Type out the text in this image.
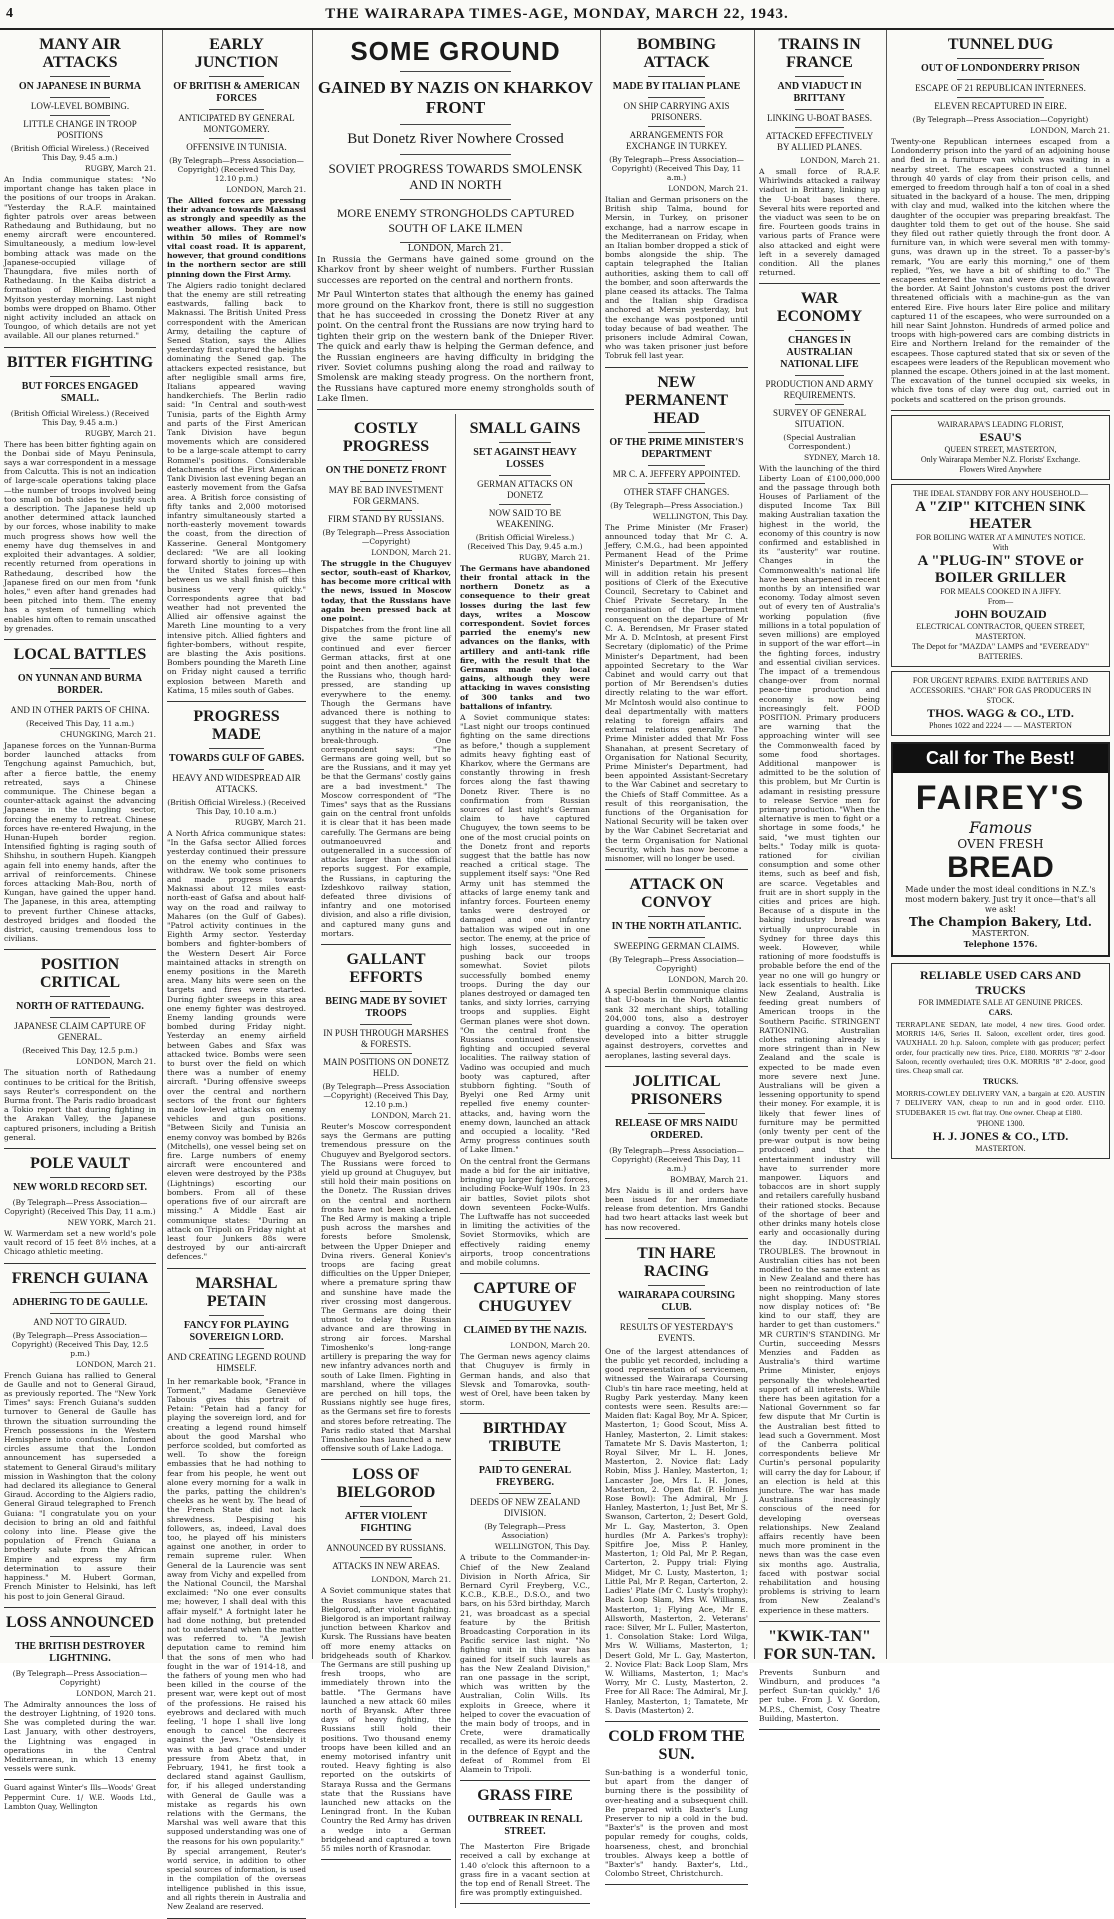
4	THE WAIRARAPA TIMES-AGE, MONDAY, MARCH 22, 1943.
MANY AIR ATTACKS
ON JAPANESE IN BURMA
LOW-LEVEL BOMBING.
LITTLE CHANGE IN TROOP POSITIONS
(British Official Wireless.) (Received This Day, 9.45 a.m.)
RUGBY, March 21.
An India communique states: "No important change has taken place in the positions of our troops in Arakan. "Yesterday the R.A.F. maintained fighter patrols over areas between Rathedaung and Buthidaung, but no enemy aircraft were encountered. Simultaneously, a medium low-level bombing attack was made on the Japanese-occupied village of Thaungdara, five miles north of Rathedaung. In the Kaiba district a formation of Blenheims bombed Myitson yesterday morning. Last night bombs were dropped on Bhamo. Other night activity included an attack on Toungoo, of which details are not yet available. All our planes returned."
BITTER FIGHTING
BUT FORCES ENGAGED SMALL.
(British Official Wireless.) (Received This Day, 9.45 a.m.)
RUGBY, March 21.
There has been bitter fighting again on the Donbai side of Mayu Peninsula, says a war correspondent in a message from Calcutta. This is not an indication of large-scale operations taking place—the number of troops involved being too small on both sides to justify such a description. The Japanese held up another determined attack launched by our forces, whose inability to make much progress shows how well the enemy have dug themselves in and exploited their advantages. A soldier, recently returned from operations in Rathedaung, described how the Japanese fired on our men from "funk holes," even after hand grenades had been pitched into them. The enemy has a system of tunnelling which enables him often to remain unscathed by grenades.
LOCAL BATTLES
ON YUNNAN AND BURMA BORDER.
AND IN OTHER PARTS OF CHINA.
(Received This Day, 11 a.m.)
CHUNGKING, March 21.
Japanese forces on the Yunnan-Burma border launched attacks from Tengchung against Pamuchich, but, after a fierce battle, the enemy retreated, says a Chinese communique. The Chinese began a counter-attack against the advancing Japanese in the Lungling sector, forcing the enemy to retreat. Chinese forces have re-entered Hwajung, in the Hunan-Hupeh border region. Intensified fighting is raging south of Shihshu, in southern Hupeh. Kiangpeh again fell into enemy hands, after the arrival of reinforcements. Chinese forces attacking Mah-Bou, north of Kungan, have gained the upper hand. The Japanese, in this area, attempting to prevent further Chinese attacks, destroyed bridges and flooded the district, causing tremendous loss to civilians.
POSITION CRITICAL
NORTH OF RATTEDAUNG.
JAPANESE CLAIM CAPTURE OF GENERAL.
(Received This Day, 12.5 p.m.)
LONDON, March 21.
The situation north of Rathedaung continues to be critical for the British, says Reuter's correspondent on the Burma front. The Paris radio broadcast a Tokio report that during fighting in the Arakan Valley, the Japanese captured prisoners, including a British general.
POLE VAULT
NEW WORLD RECORD SET.
(By Telegraph—Press Association—Copyright) (Received This Day, 11 a.m.)
NEW YORK, March 21.
W. Warmerdam set a new world's pole vault record of 15 feet 8½ inches, at a Chicago athletic meeting.
FRENCH GUIANA
ADHERING TO DE GAULLE.
AND NOT TO GIRAUD.
(By Telegraph—Press Association—Copyright) (Received This Day, 12.5 p.m.)
LONDON, March 21.
French Guiana has rallied to General de Gaulle and not to General Giraud, as previously reported. The "New York Times" says: French Guiana's sudden turnover to General de Gaulle has thrown the situation surrounding the French possessions in the Western Hemisphere into confusion. Informed circles assume that the London announcement has superseded a statement to General Giraud's military mission in Washington that the colony had declared its allegiance to General Giraud. According to the Algiers radio, General Giraud telegraphed to French Guiana: "I congratulate you on your decision to bring an old and faithful colony into line. Please give the population of French Guiana a brotherly salute from the African Empire and express my firm determination to assure their happiness." M. Hubert Gorman, French Minister to Helsinki, has left his post to join General Giraud.
LOSS ANNOUNCED
THE BRITISH DESTROYER LIGHTNING.
(By Telegraph—Press Association—Copyright)
LONDON, March 21.
The Admiralty announces the loss of the destroyer Lightning, of 1920 tons. She was completed during the war. Last January, with other destroyers, the Lightning was engaged in operations in the Central Mediterranean, in which 13 enemy vessels were sunk.
Guard against Winter's Ills—Woods' Great Peppermint Cure. 1/ W.E. Woods Ltd., Lambton Quay, Wellington
EARLY JUNCTION
OF BRITISH & AMERICAN FORCES
ANTICIPATED BY GENERAL MONTGOMERY.
OFFENSIVE IN TUNISIA.
(By Telegraph—Press Association—Copyright) (Received This Day, 12.10 p.m.)
LONDON, March 21.
The Allied forces are pressing their advance towards Maknassi as strongly and speedily as the weather allows. They are now within 50 miles of Rommel's vital coast road. It is apparent, however, that ground conditions in the northern sector are still pinning down the First Army.
The Algiers radio tonight declared that the enemy are still retreating eastwards, falling back to Maknassi. The British United Press correspondent with the American Army, detailing the capture of Sened Station, says the Allies yesterday first captured the heights dominating the Sened gap. The attackers expected resistance, but after negligible small arms fire, Italians appeared waving handkerchiefs. The Berlin radio said: "In Central and south-west Tunisia, parts of the Eighth Army and parts of the First American Tank Division have begun movements which are considered to be a large-scale attempt to carry Rommel's positions. Considerable detachments of the First American Tank Division last evening began an easterly movement from the Gafsa area. A British force consisting of fifty tanks and 2,000 motorised infantry simultaneously started a north-easterly movement towards the coast, from the direction of Kasserine. General Montgomery declared: "We are all looking forward shortly to joining up with the United States forces—then between us we shall finish off this business very quickly." Correspondents agree that bad weather had not prevented the Allied air offensive against the Mareth Line mounting to a very intensive pitch. Allied fighters and fighter-bombers, without respite, are blasting the Axis positions. Bombers pounding the Mareth Line on Friday night caused a terrific explosion between Mareth and Katima, 15 miles south of Gabes.
PROGRESS MADE
TOWARDS GULF OF GABES.
HEAVY AND WIDESPREAD AIR ATTACKS.
(British Official Wireless.) (Received This Day, 10.10 a.m.)
RUGBY, March 21.
A North Africa communique states: "In the Gafsa sector Allied forces yesterday continued their pressure on the enemy who continues to withdraw. We took some prisoners and made progress towards Maknassi about 12 miles east-north-east of Gafsa and about half-way on the road and railway to Mahares (on the Gulf of Gabes). "Patrol activity continues in the Eighth Army sector. Yesterday bombers and fighter-bombers of the Western Desert Air Force maintained attacks in strength on enemy positions in the Mareth area. Many hits were seen on the targets and fires were started. During fighter sweeps in this area one enemy fighter was destroyed. Enemy landing grounds were bombed during Friday night. Yesterday an enemy airfield between Gabes and Sfax was attacked twice. Bombs were seen to burst over the field on which there was a number of enemy aircraft. "During offensive sweeps over the central and northern sectors of the front our fighters made low-level attacks on enemy vehicles and gun positions. "Between Sicily and Tunisia an enemy convoy was bombed by B26s (Mitchells), one vessel being set on fire. Large numbers of enemy aircraft were encountered and eleven were destroyed by the P38s (Lightnings) escorting our bombers. From all of these operations five of our aircraft are missing." A Middle East air communique states: "During an attack on Tripoli on Friday night at least four Junkers 88s were destroyed by our anti-aircraft defences."
MARSHAL PETAIN
FANCY FOR PLAYING SOVEREIGN LORD.
AND CREATING LEGEND ROUND HIMSELF.
In her remarkable book, "France in Torment," Madame Geneviève Tabouis gives this portrait of Petain: "Petain had a fancy for playing the sovereign lord, and for creating a legend round himself about the good Marshal who perforce scolded, but comforted as well. To show the foreign embassies that he had nothing to fear from his people, he went out alone every morning for a walk in the parks, patting the children's cheeks as he went by. The head of the French State did not lack shrewdness. Despising his followers, as, indeed, Laval does too, he played off his ministers against one another, in order to remain supreme ruler. When General de la Laurencie was sent away from Vichy and expelled from the National Council, the Marshal exclaimed: "No one ever consults me; however, I shall deal with this affair myself." A fortnight later he had done nothing, but pretended not to understand when the matter was referred to. "A Jewish deputation came to remind him that the sons of men who had fought in the war of 1914-18, and the fathers of young men who had been killed in the course of the present war, were kept out of most of the professions. He raised his eyebrows and declared with much feeling, 'I hope I shall live long enough to cancel the decrees against the Jews.' "Ostensibly it was with a bad grace and under pressure from Abetz that, in February, 1941, he first took a declared stand against Gaullism, for, if his alleged understanding with General de Gaulle was a mistake as regards his own relations with the Germans, the Marshal was well aware that this supposed understanding was one of the reasons for his own popularity."
By special arrangement, Reuter's world service, in addition to other special sources of information, is used in the compilation of the overseas intelligence published in this issue, and all rights therein in Australia and New Zealand are reserved.
SOME GROUND
GAINED BY NAZIS ON KHARKOV FRONT
But Donetz River Nowhere Crossed
SOVIET PROGRESS TOWARDS SMOLENSK AND IN NORTH
MORE ENEMY STRONGHOLDS CAPTURED SOUTH OF LAKE ILMEN
LONDON, March 21.
In Russia the Germans have gained some ground on the Kharkov front by sheer weight of numbers. Further Russian successes are reported on the central and northern fronts.
Mr Paul Winterton states that although the enemy has gained more ground on the Kharkov front, there is still no suggestion that he has succeeded in crossing the Donetz River at any point. On the central front the Russians are now trying hard to tighten their grip on the western bank of the Dnieper River. The quick and early thaw is helping the German defence, and the Russian engineers are having difficulty in bridging the river. Soviet columns pushing along the road and railway to Smolensk are making steady progress. On the northern front, the Russians have captured more enemy strongholds south of Lake Ilmen.
COSTLY PROGRESS
ON THE DONETZ FRONT
MAY BE BAD INVESTMENT FOR GERMANS.
FIRM STAND BY RUSSIANS.
(By Telegraph—Press Association—Copyright)
LONDON, March 21.
The struggle in the Chuguyev sector, south-east of Kharkov, has become more critical with the news, issued in Moscow today, that the Russians have again been pressed back at one point.
Dispatches from the front line all give the same picture of continued and ever fiercer German attacks, first at one point and then another, against the Russians who, though hard-pressed, are standing up everywhere to the enemy. Though the Germans have advanced there is nothing to suggest that they have achieved anything in the nature of a major break-through. One correspondent says: "The Germans are going well, but so are the Russians, and it may yet be that the Germans' costly gains are a bad investment." The Moscow correspondent of "The Times" says that as the Russians gain on the central front unfolds it is clear that it has been made carefully. The Germans are being outmanoeuvred and outgeneralled in a succession of attacks larger than the official reports suggest. For example, the Russians, in capturing the Izdeshkovo railway station, defeated three divisions of infantry and one motorised division, and also a rifle division, and captured many guns and mortars.
GALLANT EFFORTS
BEING MADE BY SOVIET TROOPS
IN PUSH THROUGH MARSHES & FORESTS.
MAIN POSITIONS ON DONETZ HELD.
(By Telegraph—Press Association—Copyright) (Received This Day, 12.10 p.m.)
LONDON, March 21.
Reuter's Moscow correspondent says the Germans are putting tremendous pressure on the Chuguyev and Byelgorod sectors. The Russians were forced to yield up ground at Chuguyev, but still hold their main positions on the Donetz. The Russian drives on the central and northern fronts have not been slackened. The Red Army is making a triple push across the marshes and forests before Smolensk, between the Upper Dnieper and Dvina rivers. General Koniev's troops are facing great difficulties on the Upper Dnieper, where a premature spring thaw and sunshine have made the river crossing most dangerous. The Germans are doing their utmost to delay the Russian advance and are throwing in strong air forces. Marshal Timoshenko's long-range artillery is preparing the way for new infantry advances north and south of Lake Ilmen. Fighting in marshland, where the villages are perched on hill tops, the Russians nightly see huge fires, as the Germans set fire to forests and stores before retreating. The Paris radio stated that Marshal Timoshenko has launched a new offensive south of Lake Ladoga.
LOSS OF BIELGOROD
AFTER VIOLENT FIGHTING
ANNOUNCED BY RUSSIANS.
ATTACKS IN NEW AREAS.
LONDON, March 21.
A Soviet communique states that the Russians have evacuated Bielgorod, after violent fighting. Bielgorod is an important railway junction between Kharkov and Kursk. The Russians have beaten off more enemy attacks on bridgeheads south of Kharkov. The Germans are still pushing up fresh troops, who are immediately thrown into the battle. "The Germans have launched a new attack 60 miles north of Bryansk. After three days of heavy fighting, the Russians still hold their positions. Two thousand enemy troops have been killed and an enemy motorised infantry unit routed. Heavy fighting is also reported on the outskirts of Staraya Russa and the Germans state that the Russians have launched new attacks on the Leningrad front. In the Kuban Country the Red Army has driven a wedge into a German bridgehead and captured a town 55 miles north of Krasnodar.
SMALL GAINS
SET AGAINST HEAVY LOSSES
GERMAN ATTACKS ON DONETZ
NOW SAID TO BE WEAKENING.
(British Official Wireless.) (Received This Day, 9.45 a.m.)
RUGBY, March 21.
The Germans have abandoned their frontal attack in the northern Donetz as a consequence to their great losses during the last few days, writes a Moscow correspondent. Soviet forces parried the enemy's new advances on the flanks, with artillery and anti-tank rifle fire, with the result that the Germans made only local gains, although they were attacking in waves consisting of 300 tanks and two battalions of infantry.
A Soviet communique states: "Last night our troops continued fighting on the same directions as before," though a supplement admits heavy fighting east of Kharkov, where the Germans are constantly throwing in fresh forces along the fast thawing Donetz River. There is no confirmation from Russian sources of last night's German claim to have captured Chuguyev, the town seems to be one of the most crucial points on the Donetz front and reports suggest that the battle has now reached a critical stage. The supplement itself says: "One Red Army unit has stemmed the attacks of large enemy tank and infantry forces. Fourteen enemy tanks were destroyed or damaged and one infantry battalion was wiped out in one sector. The enemy, at the price of high losses, succeeded in pushing back our troops somewhat. Soviet pilots successfully bombed enemy troops. During the day our planes destroyed or damaged ten tanks, and sixty lorries, carrying troops and supplies. Eight German planes were shot down. "On the central front the Russians continued offensive fighting and occupied several localities. The railway station of Vadino was occupied and much booty was captured, after stubborn fighting. "South of Byelyi one Red Army unit repelled five enemy counter-attacks, and, having worn the enemy down, launched an attack and occupied a locality. "Red Army progress continues south of Lake Ilmen."
On the central front the Germans made a bid for the air initiative, bringing up larger fighter forces, including Focke-Wulf 190s. In 23 air battles, Soviet pilots shot down seventeen Focke-Wulfs. The Luftwaffe has not succeeded in limiting the activities of the Soviet Stormoviks, which are effectively raiding enemy airports, troop concentrations and mobile columns.
CAPTURE OF CHUGUYEV
CLAIMED BY THE NAZIS.
LONDON, March 20.
The German news agency claims that Chuguyev is firmly in German hands, and also that Slevsk and Tomarovka, south-west of Orel, have been taken by storm.
BIRTHDAY TRIBUTE
PAID TO GENERAL FREYBERG.
DEEDS OF NEW ZEALAND DIVISION.
(By Telegraph—Press Association)
WELLINGTON, This Day.
A tribute to the Commander-in-Chief of the New Zealand Division in North Africa, Sir Bernard Cyril Freyberg, V.C., K.C.B., K.B.E., D.S.O., and two bars, on his 53rd birthday, March 21, was broadcast as a special feature by the British Broadcasting Corporation in its Pacific service last night. "No fighting unit in this war has gained for itself such laurels as has the New Zealand Division," ran one passage in the script, which was written by the Australian, Colin Wills. Its exploits in Greece, where it helped to cover the evacuation of the main body of troops, and in Crete, were dramatically recalled, as were its heroic deeds in the defence of Egypt and the defeat of Rommel from El Alamein to Tripoli.
GRASS FIRE
OUTBREAK IN RENALL STREET.
The Masterton Fire Brigade received a call by exchange at 1.40 o'clock this afternoon to a grass fire in a vacant section at the top end of Renall Street. The fire was promptly extinguished.
BOMBING ATTACK
MADE BY ITALIAN PLANE
ON SHIP CARRYING AXIS PRISONERS.
ARRANGEMENTS FOR EXCHANGE IN TURKEY.
(By Telegraph—Press Association—Copyright) (Received This Day, 11 a.m.)
LONDON, March 21.
Italian and German prisoners on the British ship Talma, bound for Mersin, in Turkey, on prisoner exchange, had a narrow escape in the Mediterranean on Friday, when an Italian bomber dropped a stick of bombs alongside the ship. The captain telegraphed the Italian authorities, asking them to call off the bomber, and soon afterwards the plane ceased its attacks. The Talma and the Italian ship Gradisca anchored at Mersin yesterday, but the exchange was postponed until today because of bad weather. The prisoners include Admiral Cowan, who was taken prisoner just before Tobruk fell last year.
NEW PERMANENT HEAD
OF THE PRIME MINISTER'S DEPARTMENT
MR C. A. JEFFERY APPOINTED.
OTHER STAFF CHANGES.
(By Telegraph—Press Association.)
WELLINGTON, This Day.
The Prime Minister (Mr Fraser) announced today that Mr C. A. Jeffery, C.M.G., had been appointed Permanent Head of the Prime Minister's Department. Mr Jeffery will in addition retain his present positions of Clerk of the Executive Council, Secretary to Cabinet and Chief Private Secretary. In the reorganisation of the Department consequent on the departure of Mr C. A. Berendsen, Mr Fraser stated Mr A. D. McIntosh, at present First Secretary (diplomatic) of the Prime Minister's Department, had been appointed Secretary to the War Cabinet and would carry out that portion of Mr Berendsen's duties directly relating to the war effort. Mr McIntosh would also continue to deal departmentally with matters relating to foreign affairs and external relations generally. The Prime Minister added that Mr Foss Shanahan, at present Secretary of Organisation for National Security, Prime Minister's Department, had been appointed Assistant-Secretary to the War Cabinet and secretary to the Chiefs of Staff Committee. As a result of this reorganisation, the functions of the Organisation for National Security will be taken over by the War Cabinet Secretariat and the term Organisation for National Security, which has now become a misnomer, will no longer be used.
ATTACK ON CONVOY
IN THE NORTH ATLANTIC.
SWEEPING GERMAN CLAIMS.
(By Telegraph—Press Association—Copyright)
LONDON, March 20.
A special Berlin communique claims that U-boats in the North Atlantic sank 32 merchant ships, totalling 204,000 tons, also a destroyer guarding a convoy. The operation developed into a bitter struggle against destroyers, corvettes and aeroplanes, lasting several days.
JOLITICAL PRISONERS
RELEASE OF MRS NAIDU ORDERED.
(By Telegraph—Press Association—Copyright) (Received This Day, 11 a.m.)
BOMBAY, March 21.
Mrs Naidu is ill and orders have been issued for her immediate release from detention. Mrs Gandhi had two heart attacks last week but has now recovered.
TIN HARE RACING
WAIRARAPA COURSING CLUB.
RESULTS OF YESTERDAY'S EVENTS.
One of the largest attendances of the public yet recorded, including a good representation of servicemen, witnessed the Wairarapa Coursing Club's tin hare race meeting, held at Rugby Park yesterday. Many keen contests were seen. Results are:— Maiden flat: Kagal Boy, Mr A. Spicer, Masterton, 1; Good Scout, Miss A. Hanley, Masterton, 2. Limit stakes: Tamatete Mr S. Davis Masterton, 1; Royal Silver, Mr L. H. Jones, Masterton, 2. Novice flat: Lady Robin, Miss J. Hanley, Masterton, 1; Lancaster Joe, Mrs L. H. Jones, Masterton, 2. Open flat (P. Holmes Rose Bowl): The Admiral, Mr J. Hanley, Masterton, 1; Just Bet, Mr S. Swanson, Carterton, 2; Desert Gold, Mr L. Gay, Masterton, 3. Open hurdles (Mr A. Parkes's trophy): Spitfire Joe, Miss P. Hanley, Masterton, 1; Old Pal, Mr P. Regan, Carterton, 2. Puppy trial: Flying Midget, Mr C. Lusty, Masterton, 1; Little Pal, Mr P. Regan, Carterton, 2. Ladies' Plate (Mr C. Lusty's trophy): Back Loop Slam, Mrs W. Williams, Masterton, 1; Flying Ace, Mr E. Allsworth, Masterton, 2. Veterans' race: Silver, Mr L. Fuller, Masterton, 1. Consolation Stake: Lord Wilga, Mrs W. Williams, Masterton, 1; Desert Gold, Mr L. Gay, Masterton, 2. Novice Flat: Back Loop Slam, Mrs W. Williams, Masterton, 1; Mac's Worry, Mr C. Lusty, Masterton, 2. Free for All Race: The Admiral, Mr J. Hanley, Masterton, 1; Tamatete, Mr S. Davis (Masterton) 2.
COLD FROM THE SUN.
Sun-bathing is a wonderful tonic, but apart from the danger of burning there is the possibility of over-heating and a subsequent chill. Be prepared with Baxter's Lung Preserver to nip a cold in the bud. "Baxter's" is the proven and most popular remedy for coughs, colds, hoarseness, chest, and bronchial troubles. Always keep a bottle of "Baxter's" handy. Baxter's, Ltd., Colombo Street, Christchurch.
TRAINS IN FRANCE
AND VIADUCT IN BRITTANY
LINKING U-BOAT BASES.
ATTACKED EFFECTIVELY BY ALLIED PLANES.
LONDON, March 21.
A small force of R.A.F. Whirlwinds attacked a railway viaduct in Brittany, linking up the U-boat bases there. Several hits were reported and the viaduct was seen to be on fire. Fourteen goods trains in various parts of France were also attacked and eight were left in a severely damaged condition. All the planes returned.
WAR ECONOMY
CHANGES IN AUSTRALIAN NATIONAL LIFE
PRODUCTION AND ARMY REQUIREMENTS.
SURVEY OF GENERAL SITUATION.
(Special Australian Correspondent.)
SYDNEY, March 18.
With the launching of the third Liberty Loan of £100,000,000 and the passage through both Houses of Parliament of the disputed Income Tax Bill making Australian taxation the highest in the world, the economy of this country is now confirmed and established in its "austerity" war routine. Changes in the Commonwealth's national life have been sharpened in recent months by an intensified war economy. Today almost seven out of every ten of Australia's working population (five millions in a total population of seven millions) are employed in support of the war effort—in the fighting forces, industry and essential civilian services. The impact of a tremendous change-over from normal peace-time production and economy is now being increasingly felt. FOOD POSITION. Primary producers are warning that the approaching winter will see the Commonwealth faced by some food shortages. Additional manpower is admitted to be the solution of this problem, but Mr Curtin is adamant in resisting pressure to release Service men for primary production. "When the alternative is men to fight or a shortage in some foods," he said, "we must tighten our belts." Today milk is quota-rationed for civilian consumption and some other items, such as beef and fish, are scarce. Vegetables and fruit are in short supply in the cities and prices are high. Because of a dispute in the baking industry bread was virtually unprocurable in Sydney for three days this week. However, while rationing of more foodstuffs is probable before the end of the year no one will go hungry or lack essentials to health. Like New Zealand, Australia is feeding great numbers of American troops in the Southern Pacific. STRINGENT RATIONING. Australian clothes rationing already is more stringent than in New Zealand and the scale is expected to be made even more severe next June. Australians will be given a lessening opportunity to spend their money. For example, it is likely that fewer lines of furniture may be permitted (only twenty per cent of the pre-war output is now being produced) and that the entertainment industry will have to surrender more manpower. Liquors and tobaccos are in short supply and retailers carefully husband their rationed stocks. Because of the shortage of beer and other drinks many hotels close early and occasionally during the day. INDUSTRIAL TROUBLES. The brownout in Australian cities has not been modified to the same extent as in New Zealand and there has been no reintroduction of late night shopping. Many stores now display notices of: "Be kind to our staff, they are harder to get than customers." MR CURTIN'S STANDING. Mr Curtin, succeeding Messrs Menzies and Fadden as Australia's third wartime Prime Minister, enjoys personally the wholehearted support of all interests. While there has been agitation for a National Government so far few dispute that Mr Curtin is the Australian best fitted to lead such a Government. Most of the Canberra political correspondents believe Mr Curtin's personal popularity will carry the day for Labour, if an election is held at this juncture. The war has made Australians increasingly conscious of the need for developing overseas relationships. New Zealand affairs recently have been much more prominent in the news than was the case even six months ago. Australia, faced with postwar social rehabilitation and housing problems is striving to learn from New Zealand's experience in these matters.
"KWIK-TAN" FOR SUN-TAN.
Prevents Sunburn and Windburn, and produces "a perfect Sun-tan quickly." 1/6 per tube. From J. V. Gordon, M.P.S., Chemist, Cosy Theatre Building, Masterton.
TUNNEL DUG
OUT OF LONDONDERRY PRISON
ESCAPE OF 21 REPUBLICAN INTERNEES.
ELEVEN RECAPTURED IN EIRE.
(By Telegraph—Press Association—Copyright)
LONDON, March 21.
Twenty-one Republican internees escaped from a Londonderry prison into the yard of an adjoining house and fled in a furniture van which was waiting in a nearby street. The escapees constructed a tunnel through 40 yards of clay from their prison cells, and emerged to freedom through half a ton of coal in a shed situated in the backyard of a house. The men, dripping with clay and mud, walked into the kitchen where the daughter of the occupier was preparing breakfast. The daughter told them to get out of the house. She said they filed out rather quietly through the front door. A furniture van, in which were several men with tommy-guns, was drawn up in the street. To a passer-by's remark, "You are early this morning," one of them replied, "Yes, we have a bit of shifting to do." The escapees entered the van and were driven off toward the border. At Saint Johnston's customs post the driver threatened officials with a machine-gun as the van entered Eire. Five hours later Eire police and military captured 11 of the escapees, who were surrounded on a hill near Saint Johnston. Hundreds of armed police and troops with high-powered cars are combing districts in Eire and Northern Ireland for the remainder of the escapees. Those captured stated that six or seven of the escapees were leaders of the Republican movement who planned the escape. Others joined in at the last moment. The excavation of the tunnel occupied six weeks, in which five tons of clay were dug out, carried out in pockets and scattered on the prison grounds.
WAIRARAPA'S LEADING FLORIST,
ESAU'S
QUEEN STREET, MASTERTON,
Only Wairarapa Member N.Z. Florists' Exchange.
Flowers Wired Anywhere
THE IDEAL STANDBY FOR ANY HOUSEHOLD—
A "ZIP" KITCHEN SINK HEATER
FOR BOILING WATER AT A MINUTE'S NOTICE.
With
A "PLUG-IN" STOVE or BOILER GRILLER
FOR MEALS COOKED IN A JIFFY.
From—
JOHN BOUZAID
ELECTRICAL CONTRACTOR, QUEEN STREET, MASTERTON.
The Depot for "MAZDA" LAMPS and "EVEREADY" BATTERIES.
FOR URGENT REPAIRS. EXIDE BATTERIES AND ACCESSORIES. "CHAR" FOR GAS PRODUCERS IN STOCK.
THOS. WAGG & CO., LTD.
Phones 1022 and 2224 — — MASTERTON
Call for The Best!
FAIREY'S
Famous
OVEN FRESH
BREAD
Made under the most ideal conditions in N.Z.'s most modern bakery. Just try it once—that's all we ask!
The Champion Bakery, Ltd.
MASTERTON.
Telephone 1576.
RELIABLE USED CARS AND TRUCKS
FOR IMMEDIATE SALE AT GENUINE PRICES.
CARS.
TERRAPLANE SEDAN, late model, 4 new tires. Good order. MORRIS 14/6, Series II. Saloon, excellent order, tires good. VAUXHALL 20 h.p. Saloon, complete with gas producer; perfect order, four practically new tires. Price, £180. MORRIS "8" 2-door Saloon, recently overhauled; tires O.K. MORRIS "8" 2-door, good tires. Cheap small car.
TRUCKS.
MORRIS-COWLEY DELIVERY VAN, a bargain at £20. AUSTIN 7 DELIVERY VAN, cheap to run and in good order. £110. STUDEBAKER 15 cwt. flat tray. One owner. Cheap at £180.
'PHONE 1300.
H. J. JONES & CO., LTD.
MASTERTON.
